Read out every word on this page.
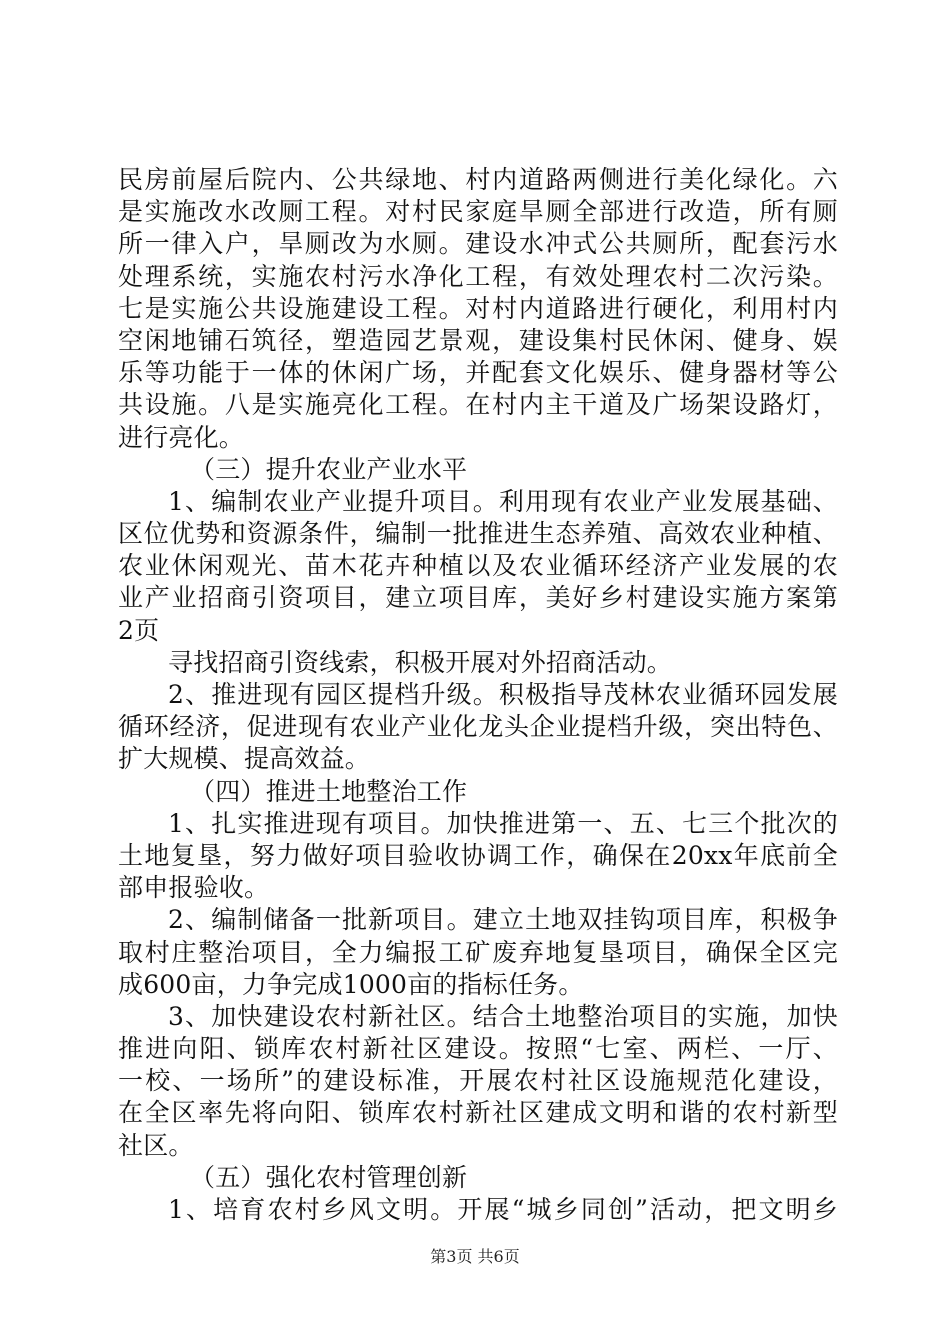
民房前屋后院内、公共绿地、村内道路两侧进行美化绿化。六
是实施改水改厕工程。对村民家庭旱厕全部进行改造，所有厕
所一律入户，旱厕改为水厕。建设水冲式公共厕所，配套污水
处理系统，实施农村污水净化工程，有效处理农村二次污染。
七是实施公共设施建设工程。对村内道路进行硬化，利用村内
空闲地铺石筑径，塑造园艺景观，建设集村民休闲、健身、娱
乐等功能于一体的休闲广场，并配套文化娱乐、健身器材等公
共设施。八是实施亮化工程。在村内主干道及广场架设路灯，
进行亮化。
（三）提升农业产业水平
1、编制农业产业提升项目。利用现有农业产业发展基础、
区位优势和资源条件，编制一批推进生态养殖、高效农业种植、
农业休闲观光、苗木花卉种植以及农业循环经济产业发展的农
业产业招商引资项目，建立项目库，美好乡村建设实施方案第
2页
寻找招商引资线索，积极开展对外招商活动。
2、推进现有园区提档升级。积极指导茂林农业循环园发展
循环经济，促进现有农业产业化龙头企业提档升级，突出特色、
扩大规模、提高效益。
（四）推进土地整治工作
1、扎实推进现有项目。加快推进第一、五、七三个批次的
土地复垦，努力做好项目验收协调工作，确保在20xx年底前全
部申报验收。
2、编制储备一批新项目。建立土地双挂钩项目库，积极争
取村庄整治项目，全力编报工矿废弃地复垦项目，确保全区完
成600亩，力争完成1000亩的指标任务。
3、加快建设农村新社区。结合土地整治项目的实施，加快
推进向阳、锁库农村新社区建设。按照“七室、两栏、一厅、
一校、一场所”的建设标准，开展农村社区设施规范化建设，
在全区率先将向阳、锁库农村新社区建成文明和谐的农村新型
社区。
（五）强化农村管理创新
1、培育农村乡风文明。开展“城乡同创”活动，把文明乡
第3页 共6页
